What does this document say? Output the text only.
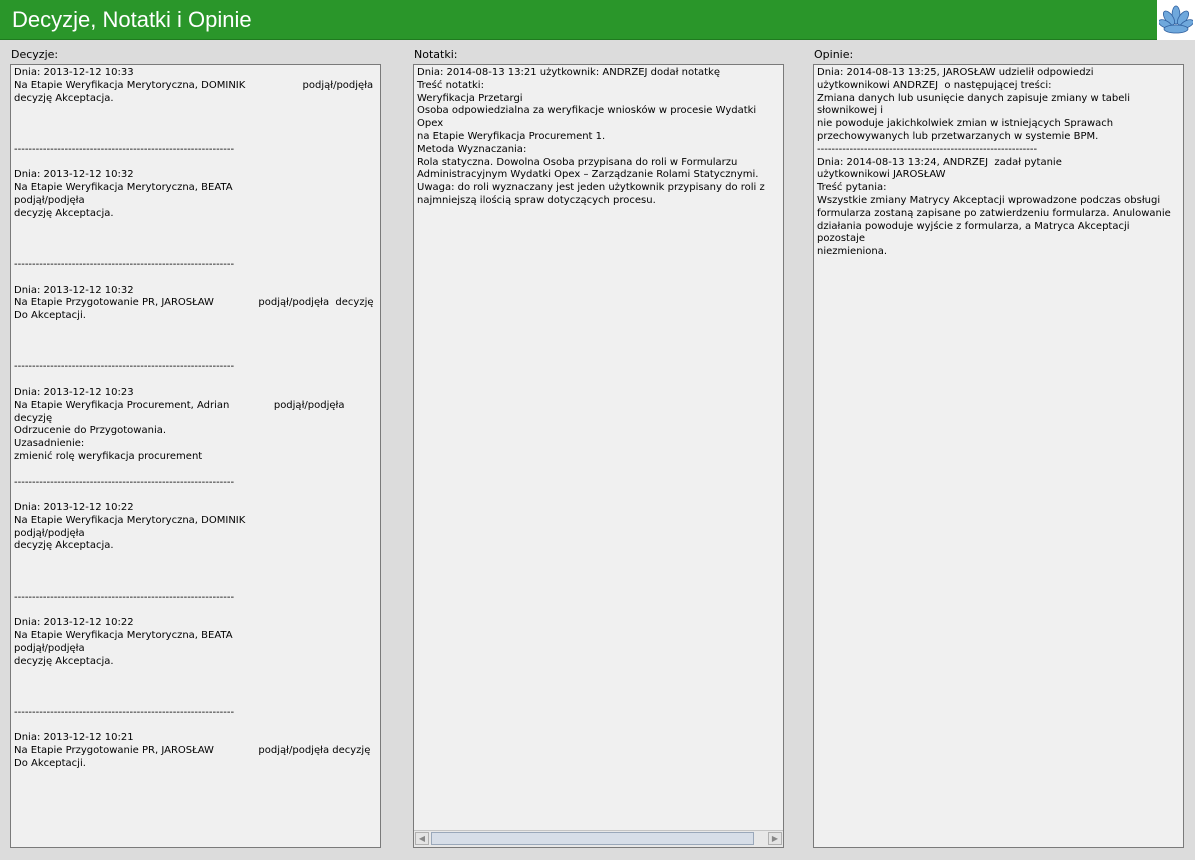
Decyzje, Notatki i Opinie
Decyzje:	Notatki:	Opinie:
Dnia: 2013-12-12 10:33
Na Etapie Weryfikacja Merytoryczna, DOMINIK                  podjął/podjęła
decyzję Akceptacja.
-------------------------------------------------------------
Dnia: 2013-12-12 10:32
Na Etapie Weryfikacja Merytoryczna, BEATA                                    podjął/podjęła
decyzję Akceptacja.
-------------------------------------------------------------
Dnia: 2013-12-12 10:32
Na Etapie Przygotowanie PR, JAROSŁAW              podjął/podjęła  decyzję
Do Akceptacji.
-------------------------------------------------------------
Dnia: 2013-12-12 10:23
Na Etapie Weryfikacja Procurement, Adrian              podjął/podjęła decyzję
Odrzucenie do Przygotowania.
Uzasadnienie:
zmienić rolę weryfikacja procurement
-------------------------------------------------------------
Dnia: 2013-12-12 10:22
Na Etapie Weryfikacja Merytoryczna, DOMINIK                    podjął/podjęła
decyzję Akceptacja.
-------------------------------------------------------------
Dnia: 2013-12-12 10:22
Na Etapie Weryfikacja Merytoryczna, BEATA                          podjął/podjęła
decyzję Akceptacja.
-------------------------------------------------------------
Dnia: 2013-12-12 10:21
Na Etapie Przygotowanie PR, JAROSŁAW              podjął/podjęła decyzję
Do Akceptacji.
Dnia: 2014-08-13 13:21 użytkownik: ANDRZEJ dodał notatkę
Treść notatki:
Weryfikacja Przetargi
Osoba odpowiedzialna za weryfikacje wniosków w procesie Wydatki Opex
na Etapie Weryfikacja Procurement 1.
Metoda Wyznaczania:
Rola statyczna. Dowolna Osoba przypisana do roli w Formularzu
Administracyjnym Wydatki Opex – Zarządzanie Rolami Statycznymi.
Uwaga: do roli wyznaczany jest jeden użytkownik przypisany do roli z
najmniejszą ilością spraw dotyczących procesu.
◀	▶
Dnia: 2014-08-13 13:25, JAROSŁAW udzielił odpowiedzi
użytkownikowi ANDRZEJ  o następującej treści:
Zmiana danych lub usunięcie danych zapisuje zmiany w tabeli słownikowej i
nie powoduje jakichkolwiek zmian w istniejących Sprawach
przechowywanych lub przetwarzanych w systemie BPM.
-------------------------------------------------------------
Dnia: 2014-08-13 13:24, ANDRZEJ  zadał pytanie
użytkownikowi JAROSŁAW
Treść pytania:
Wszystkie zmiany Matrycy Akceptacji wprowadzone podczas obsługi
formularza zostaną zapisane po zatwierdzeniu formularza. Anulowanie
działania powoduje wyjście z formularza, a Matryca Akceptacji pozostaje
niezmieniona.
